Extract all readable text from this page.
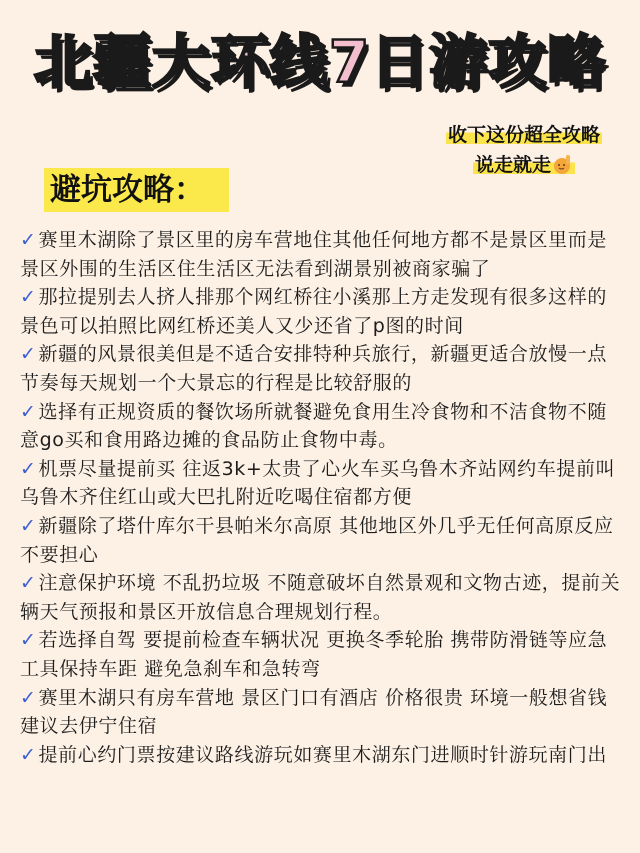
北疆大环线7日游攻略
收下这份超全攻略
说走就走
避坑攻略：
✓ 赛里木湖除了景区里的房车营地住其他任何地方都不是景区里而是景区外围的生活区住生活区无法看到湖景别被商家骗了
✓ 那拉提别去人挤人排那个网红桥往小溪那上方走发现有很多这样的景色可以拍照比网红桥还美人又少还省了p图的时间
✓ 新疆的风景很美但是不适合安排特种兵旅行，新疆更适合放慢一点节奏每天规划一个大景忘的行程是比较舒服的
✓ 选择有正规资质的餐饮场所就餐避免食用生冷食物和不洁食物不随意go买和食用路边摊的食品防止食物中毒。
✓ 机票尽量提前买 往返3k+太贵了心火车买乌鲁木齐站网约车提前叫乌鲁木齐住红山或大巴扎附近吃喝住宿都方便
✓ 新疆除了塔什库尔干县帕米尔高原 其他地区外几乎无任何高原反应不要担心
✓ 注意保护环境 不乱扔垃圾 不随意破坏自然景观和文物古迹，提前关辆天气预报和景区开放信息合理规划行程。
✓ 若选择自驾 要提前检查车辆状况 更换冬季轮胎 携带防滑链等应急工具保持车距 避免急刹车和急转弯
✓ 赛里木湖只有房车营地 景区门口有酒店 价格很贵 环境一般想省钱建议去伊宁住宿
✓ 提前心约门票按建议路线游玩如赛里木湖东门进顺时针游玩南门出
